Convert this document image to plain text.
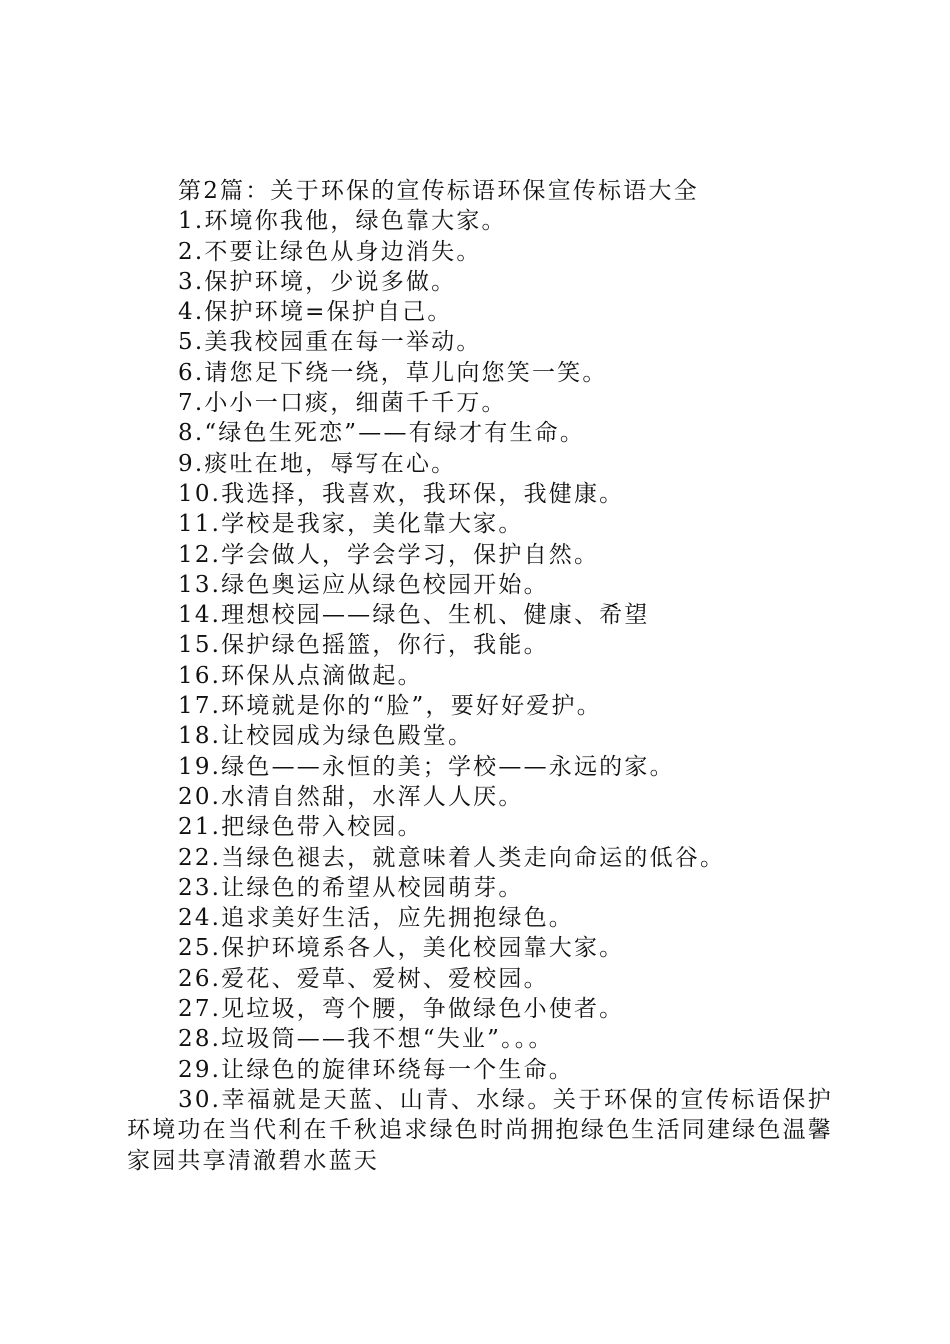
第2篇：关于环保的宣传标语环保宣传标语大全
1.环境你我他，绿色靠大家。
2.不要让绿色从身边消失。
3.保护环境，少说多做。
4.保护环境=保护自己。
5.美我校园重在每一举动。
6.请您足下绕一绕，草儿向您笑一笑。
7.小小一口痰，细菌千千万。
8.“绿色生死恋”——有绿才有生命。
9.痰吐在地，辱写在心。
10.我选择，我喜欢，我环保，我健康。
11.学校是我家，美化靠大家。
12.学会做人，学会学习，保护自然。
13.绿色奥运应从绿色校园开始。
14.理想校园——绿色、生机、健康、希望
15.保护绿色摇篮，你行，我能。
16.环保从点滴做起。
17.环境就是你的“脸”，要好好爱护。
18.让校园成为绿色殿堂。
19.绿色——永恒的美；学校——永远的家。
20.水清自然甜，水浑人人厌。
21.把绿色带入校园。
22.当绿色褪去，就意味着人类走向命运的低谷。
23.让绿色的希望从校园萌芽。
24.追求美好生活，应先拥抱绿色。
25.保护环境系各人，美化校园靠大家。
26.爱花、爱草、爱树、爱校园。
27.见垃圾，弯个腰，争做绿色小使者。
28.垃圾筒——我不想“失业”。。。
29.让绿色的旋律环绕每一个生命。
30.幸福就是天蓝、山青、水绿。关于环保的宣传标语保护环境功在当代利在千秋追求绿色时尚拥抱绿色生活同建绿色温馨家园共享清澈碧水蓝天
